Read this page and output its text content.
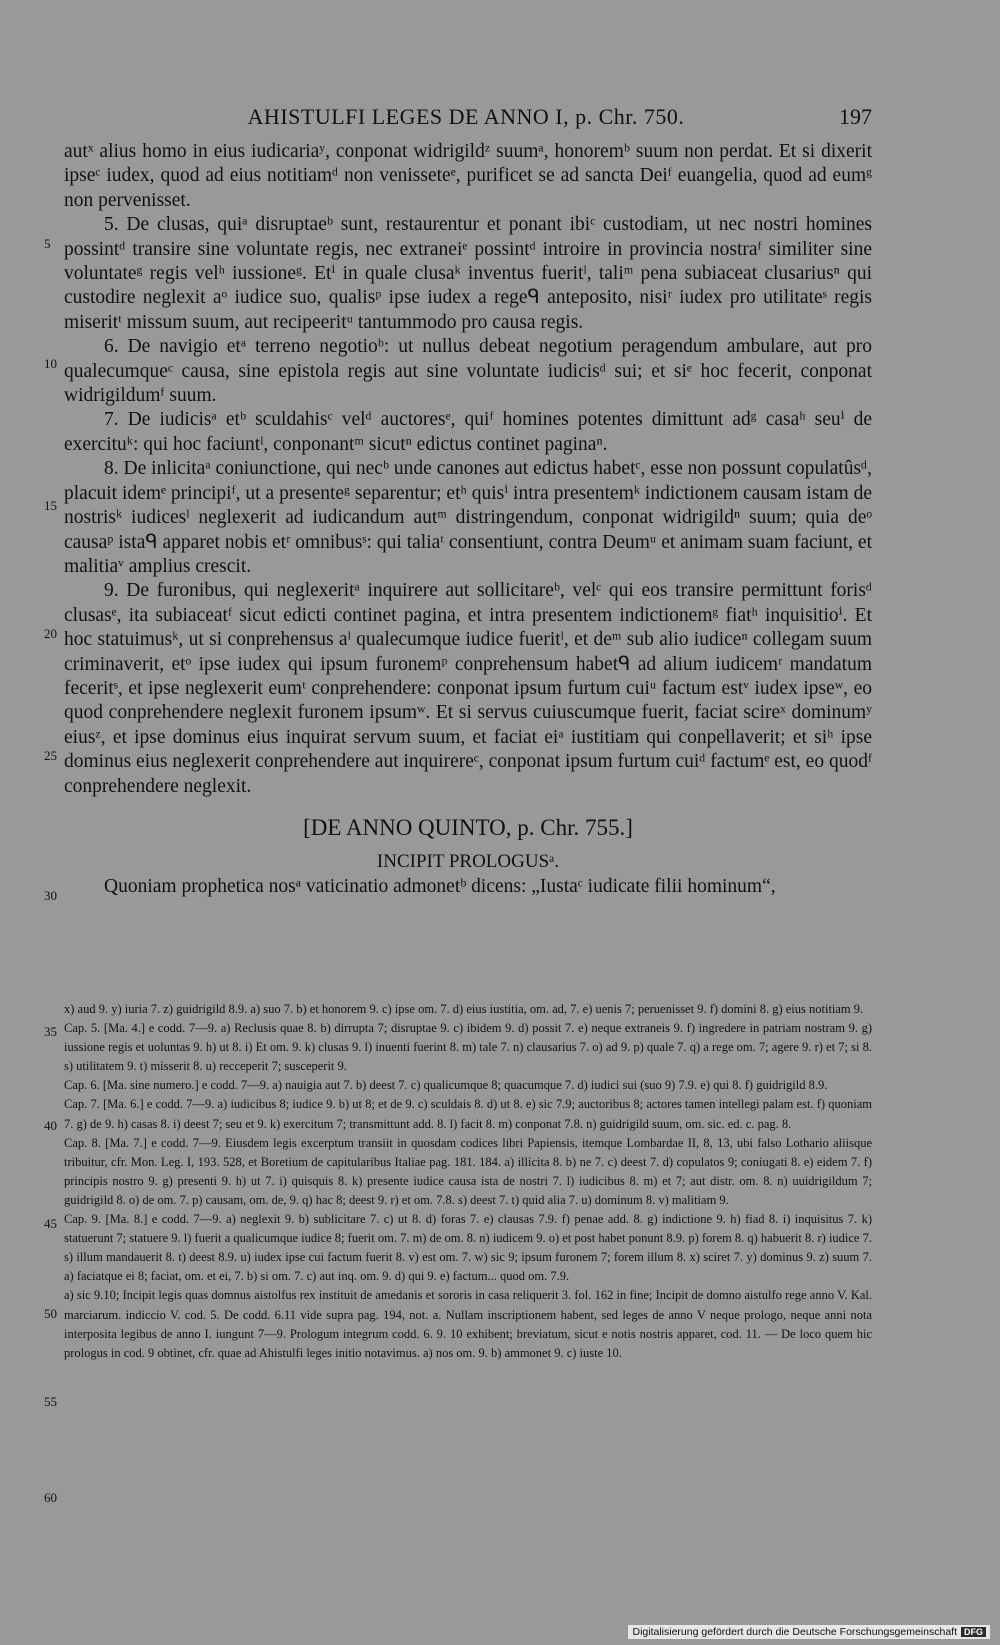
AHISTULFI LEGES DE ANNO I, p. Chr. 750.	197
5
10
15
20
25
30
35
40
45
50
55
60

autˣ alius homo in eius iudicariaʸ, conponat widrigildᶻ suumᵃ, honoremᵇ suum non perdat. Et si dixerit ipseᶜ iudex, quod ad eius notitiamᵈ non venisseteᵉ, purificet se ad sancta Deiᶠ euangelia, quod ad eumᵍ non pervenisset.

5. De clusas, quiᵃ disruptaeᵇ sunt, restaurentur et ponant ibiᶜ custodiam, ut nec nostri homines possintᵈ transire sine voluntate regis, nec extraneiᵉ possintᵈ introire in provincia nostraᶠ similiter sine voluntateᵍ regis velʰ iussioneᵍ. Etⁱ in quale clusaᵏ inventus fueritˡ, taliᵐ pena subiaceat clusariusⁿ qui custodire neglexit aᵒ iudice suo, qualisᵖ ipse iudex a regeᑫ anteposito, nisiʳ iudex pro utilitateˢ regis miseritᵗ missum suum, aut recipeeritᵘ tantummodo pro causa regis.

6. De navigio etᵃ terreno negotioᵇ: ut nullus debeat negotium peragendum ambulare, aut pro qualecumqueᶜ causa, sine epistola regis aut sine voluntate iudicisᵈ sui; et siᵉ hoc fecerit, conponat widrigildumᶠ suum.

7. De iudicisᵃ etᵇ sculdahisᶜ velᵈ auctoresᵉ, quiᶠ homines potentes dimittunt adᵍ casaʰ seuⁱ de exercituᵏ: qui hoc faciuntˡ, conponantᵐ sicutⁿ edictus continet paginaⁿ.

8. De inlicitaᵃ coniunctione, qui necᵇ unde canones aut edictus habetᶜ, esse non possunt copulatûsᵈ, placuit idemᵉ principiᶠ, ut a presenteᵍ separentur; etʰ quisⁱ intra presentemᵏ indictionem causam istam de nostrisᵏ iudicesˡ neglexerit ad iudicandum autᵐ distringendum, conponat widrigildⁿ suum; quia deᵒ causaᵖ istaᑫ apparet nobis etʳ omnibusˢ: qui taliaᵗ consentiunt, contra Deumᵘ et animam suam faciunt, et malitiaᵛ amplius crescit.

9. De furonibus, qui neglexeritᵃ inquirere aut sollicitareᵇ, velᶜ qui eos transire permittunt forisᵈ clusasᵉ, ita subiaceatᶠ sicut edicti continet pagina, et intra presentem indictionemᵍ fiatʰ inquisitioⁱ. Et hoc statuimusᵏ, ut si conprehensus aˡ qualecumque iudice fueritˡ, et deᵐ sub alio iudiceⁿ collegam suum criminaverit, etᵒ ipse iudex qui ipsum furonemᵖ conprehensum habetᑫ ad alium iudicemʳ mandatum feceritˢ, et ipse neglexerit eumᵗ conprehendere: conponat ipsum furtum cuiᵘ factum estᵛ iudex ipseʷ, eo quod conprehendere neglexit furonem ipsumʷ. Et si servus cuiuscumque fuerit, faciat scireˣ dominumʸ eiusᶻ, et ipse dominus eius inquirat servum suum, et faciat eiᵃ iustitiam qui conpellaverit; et siʰ ipse dominus eius neglexerit conprehendere aut inquirereᶜ, conponat ipsum furtum cuiᵈ factumᵉ est, eo quodᶠ conprehendere neglexit.

[DE ANNO QUINTO, p. Chr. 755.]
INCIPIT PROLOGUSᵃ.

Quoniam prophetica nosᵃ vaticinatio admonetᵇ dicens: „Iustaᶜ iudicate filii hominum“,

x) aud 9. y) iuria 7. z) guidrigild 8.9. a) suo 7. b) et honorem 9. c) ipse om. 7. d) eius iustitia, om. ad, 7. e) uenis 7; peruenisset 9. f) domini 8. g) eius notitiam 9.

Cap. 5. [Ma. 4.] e codd. 7—9. a) Reclusis quae 8. b) dirrupta 7; disruptae 9. c) ibidem 9. d) possit 7. e) neque extraneis 9. f) ingredere in patriam nostram 9. g) iussione regis et uoluntas 9. h) ut 8. i) Et om. 9. k) clusas 9. l) inuenti fuerint 8. m) tale 7. n) clausarius 7. o) ad 9. p) quale 7. q) a rege om. 7; agere 9. r) et 7; si 8. s) utilitatem 9. t) misserit 8. u) recceperit 7; susceperit 9.

Cap. 6. [Ma. sine numero.] e codd. 7—9. a) nauigia aut 7. b) deest 7. c) qualicumque 8; quacumque 7. d) iudici sui (suo 9) 7.9. e) qui 8. f) guidrigild 8.9.

Cap. 7. [Ma. 6.] e codd. 7—9. a) iudicibus 8; iudice 9. b) ut 8; et de 9. c) sculdais 8. d) ut 8. e) sic 7.9; auctoribus 8; actores tamen intellegi palam est. f) quoniam 7. g) de 9. h) casas 8. i) deest 7; seu et 9. k) exercitum 7; transmittunt add. 8. l) facit 8. m) conponat 7.8. n) guidrigild suum, om. sic. ed. c. pag. 8.

Cap. 8. [Ma. 7.] e codd. 7—9. Eiusdem legis excerptum transiit in quosdam codices libri Papiensis, itemque Lombardae II, 8, 13, ubi falso Lothario aliisque tribuitur, cfr. Mon. Leg. I, 193. 528, et Boretium de capitularibus Italiae pag. 181. 184. a) illicita 8. b) ne 7. c) deest 7. d) copulatos 9; coniugati 8. e) eidem 7. f) principis nostro 9. g) presenti 9. h) ut 7. i) quisquis 8. k) presente iudice causa ista de nostri 7. l) iudicibus 8. m) et 7; aut distr. om. 8. n) uuidrigildum 7; guidrigild 8. o) de om. 7. p) causam, om. de, 9. q) hac 8; deest 9. r) et om. 7.8. s) deest 7. t) quid alia 7. u) dominum 8. v) malitiam 9.

Cap. 9. [Ma. 8.] e codd. 7—9. a) neglexit 9. b) sublicitare 7. c) ut 8. d) foras 7. e) clausas 7.9. f) penae add. 8. g) indictione 9. h) fiad 8. i) inquisitus 7. k) statuerunt 7; statuere 9. l) fuerit a qualicumque iudice 8; fuerit om. 7. m) de om. 8. n) iudicem 9. o) et post habet ponunt 8.9. p) forem 8. q) habuerit 8. r) iudice 7. s) illum mandauerit 8. t) deest 8.9. u) iudex ipse cui factum fuerit 8. v) est om. 7. w) sic 9; ipsum furonem 7; forem illum 8. x) sciret 7. y) dominus 9. z) suum 7. a) faciatque ei 8; faciat, om. et ei, 7. b) si om. 7. c) aut inq. om. 9. d) qui 9. e) factum... quod om. 7.9.

a) sic 9.10; Incipit legis quas domnus aistolfus rex instituit de amedanis et sororis in casa reliquerit 3. fol. 162 in fine; Incipit de domno aistulfo rege anno V. Kal. marciarum. indiccio V. cod. 5. De codd. 6.11 vide supra pag. 194, not. a. Nullam inscriptionem habent, sed leges de anno V neque prologo, neque anni nota interposita legibus de anno I. iungunt 7—9. Prologum integrum codd. 6. 9. 10 exhibent; breviatum, sicut e notis nostris apparet, cod. 11. — De loco quem hic prologus in cod. 9 obtinet, cfr. quae ad Ahistulfi leges initio notavimus. a) nos om. 9. b) ammonet 9. c) iuste 10.

Digitalisierung gefördert durch die Deutsche Forschungsgemeinschaft DFG
